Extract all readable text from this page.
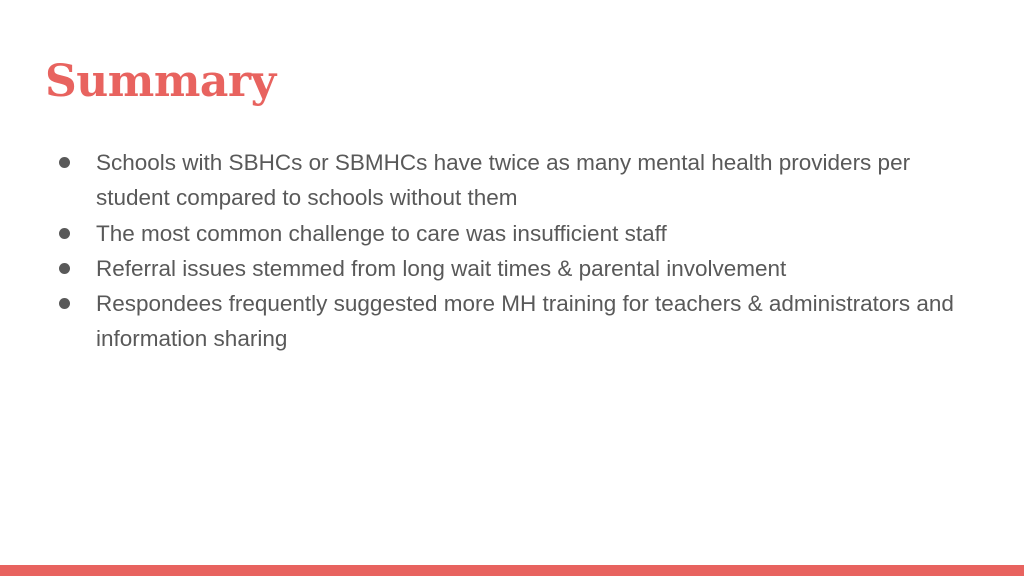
Summary
Schools with SBHCs or SBMHCs have twice as many mental health providers per student compared to schools without them
The most common challenge to care was insufficient staff
Referral issues stemmed from long wait times & parental involvement
Respondees frequently suggested more MH training for teachers & administrators and information sharing
